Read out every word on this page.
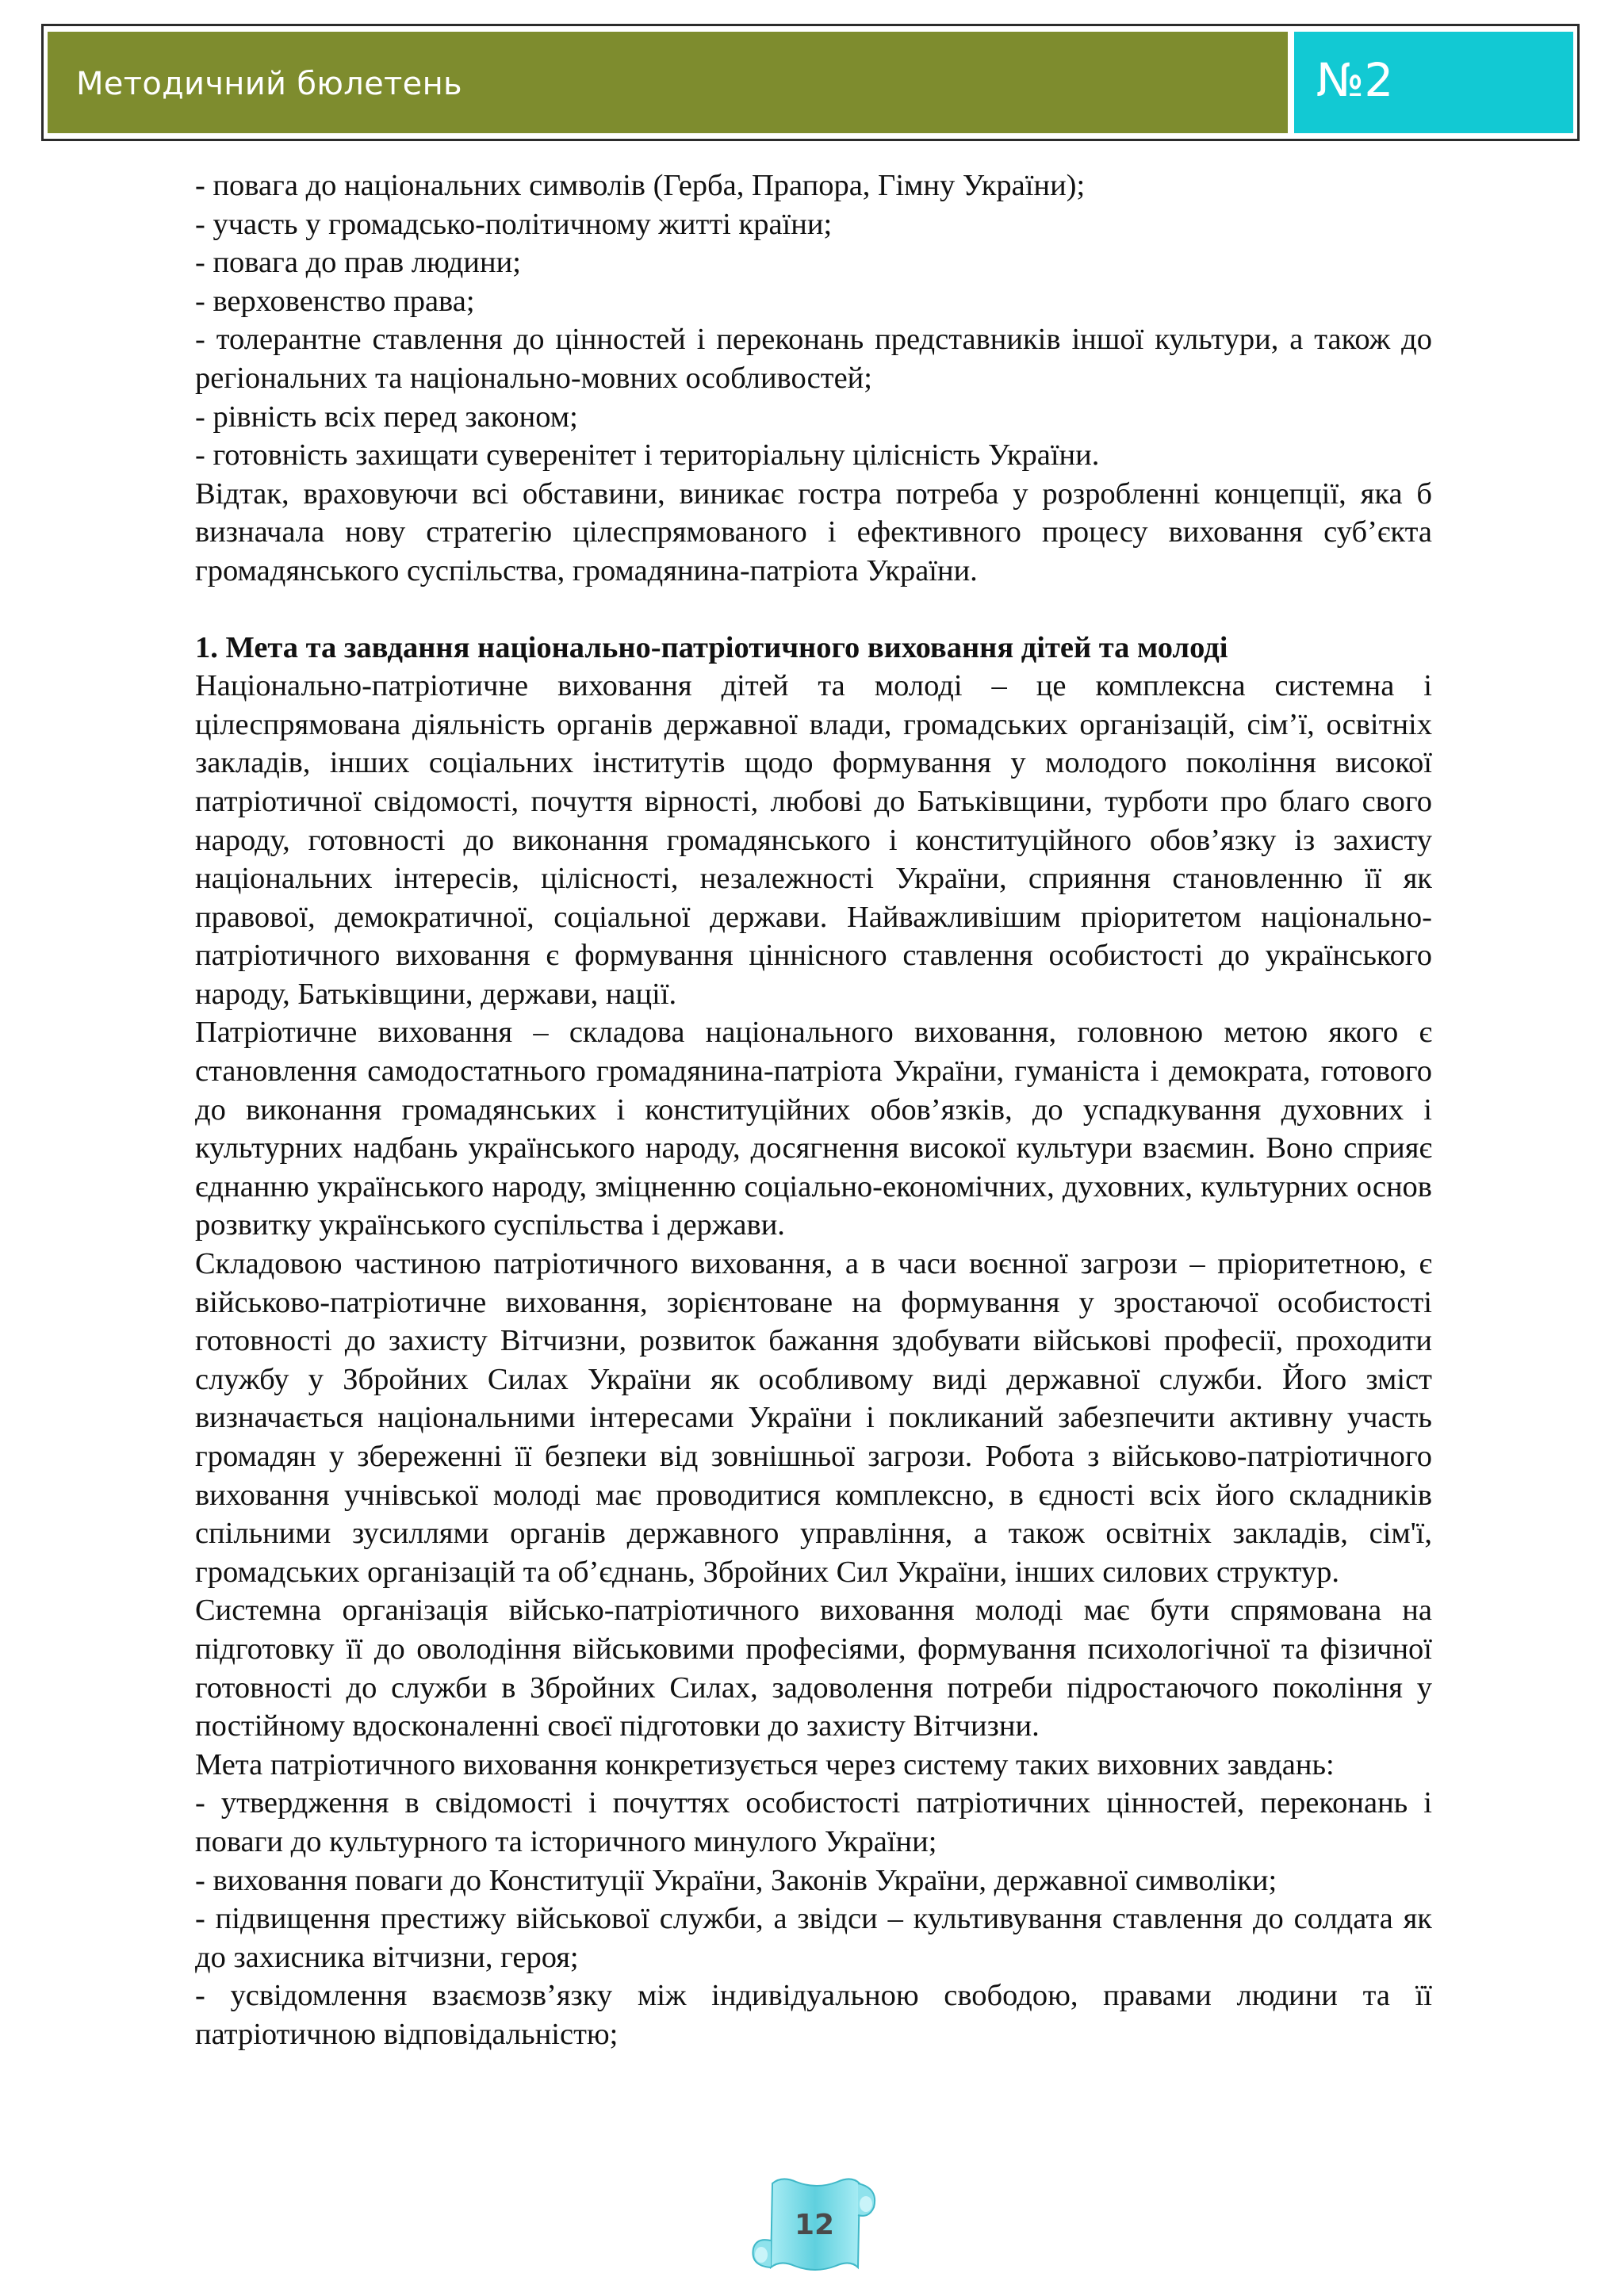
Методичний бюлетень	№2

- повага до національних символів (Герба, Прапора, Гімну України);

- участь у громадсько-політичному житті країни;

- повага до прав людини;

- верховенство права;

- толерантне ставлення до цінностей і переконань представників іншої культури, а також до регіональних та національно-мовних особливостей;

- рівність всіх перед законом;

- готовність захищати суверенітет і територіальну цілісність України.

Відтак, враховуючи всі обставини, виникає гостра потреба у розробленні концепції, яка б визначала нову стратегію цілеспрямованого і ефективного процесу виховання суб’єкта громадянського суспільства, громадянина-патріота України.

1. Мета та завдання національно-патріотичного виховання дітей та молоді

Національно-патріотичне виховання дітей та молоді – це комплексна системна і цілеспрямована діяльність органів державної влади, громадських організацій, сім’ї, освітніх закладів, інших соціальних інститутів щодо формування у молодого покоління високої патріотичної свідомості, почуття вірності, любові до Батьківщини, турботи про благо свого народу, готовності до виконання громадянського і конституційного обов’язку із захисту національних інтересів, цілісності, незалежності України, сприяння становленню її як правової, демократичної, соціальної держави. Найважливішим пріоритетом національно-патріотичного виховання є формування ціннісного ставлення особистості до українського народу, Батьківщини, держави, нації.

Патріотичне виховання – складова національного виховання, головною метою якого є становлення самодостатнього громадянина-патріота України, гуманіста і демократа, готового до виконання громадянських і конституційних обов’язків, до успадкування духовних і культурних надбань українського народу, досягнення високої культури взаємин. Воно сприяє єднанню українського народу, зміцненню соціально-економічних, духовних, культурних основ розвитку українського суспільства і держави.

Складовою частиною патріотичного виховання, а в часи воєнної загрози – пріоритетною, є військово-патріотичне виховання, зорієнтоване на формування у зростаючої особистості готовності до захисту Вітчизни, розвиток бажання здобувати військові професії, проходити службу у Збройних Силах України як особливому виді державної служби. Його зміст визначається національними інтересами України і покликаний забезпечити активну участь громадян у збереженні її безпеки від зовнішньої загрози. Робота з військово-патріотичного виховання учнівської молоді має проводитися комплексно, в єдності всіх його складників спільними зусиллями органів державного управління, а також освітніх закладів, сім'ї, громадських організацій та об’єднань, Збройних Сил України, інших силових структур.

Системна організація військо-патріотичного виховання молоді має бути спрямована на підготовку її до оволодіння військовими професіями, формування психологічної та фізичної готовності до служби в Збройних Силах, задоволення потреби підростаючого покоління у постійному вдосконаленні своєї підготовки до захисту Вітчизни.

Мета патріотичного виховання конкретизується через систему таких виховних завдань:

- утвердження в свідомості і почуттях особистості патріотичних цінностей, переконань і поваги до культурного та історичного минулого України;

- виховання поваги до Конституції України, Законів України, державної символіки;

- підвищення престижу військової служби, а звідси – культивування ставлення до солдата як до захисника вітчизни, героя;

- усвідомлення взаємозв’язку між індивідуальною свободою, правами людини та її патріотичною відповідальністю;

12
